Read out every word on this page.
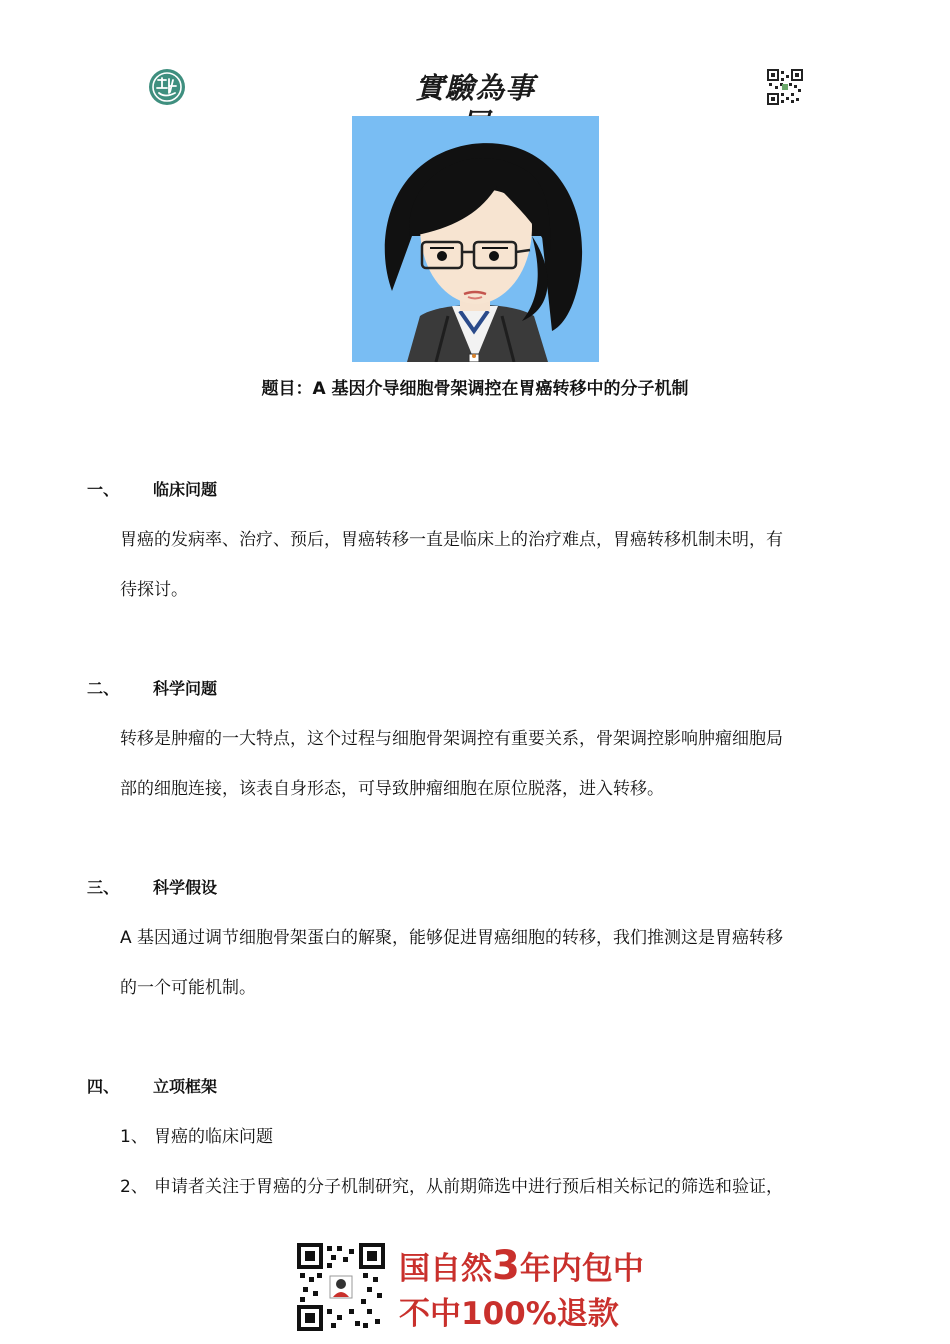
實驗為事
题目：A 基因介导细胞骨架调控在胃癌转移中的分子机制
一、 临床问题
胃癌的发病率、治疗、预后，胃癌转移一直是临床上的治疗难点，胃癌转移机制未明，有
待探讨。
二、 科学问题
转移是肿瘤的一大特点，这个过程与细胞骨架调控有重要关系，骨架调控影响肿瘤细胞局
部的细胞连接，该表自身形态，可导致肿瘤细胞在原位脱落，进入转移。
三、 科学假设
A 基因通过调节细胞骨架蛋白的解聚，能够促进胃癌细胞的转移，我们推测这是胃癌转移
的一个可能机制。
四、 立项框架
1、 胃癌的临床问题
2、 申请者关注于胃癌的分子机制研究，从前期筛选中进行预后相关标记的筛选和验证，
国自然3年内包中
不中100%退款
